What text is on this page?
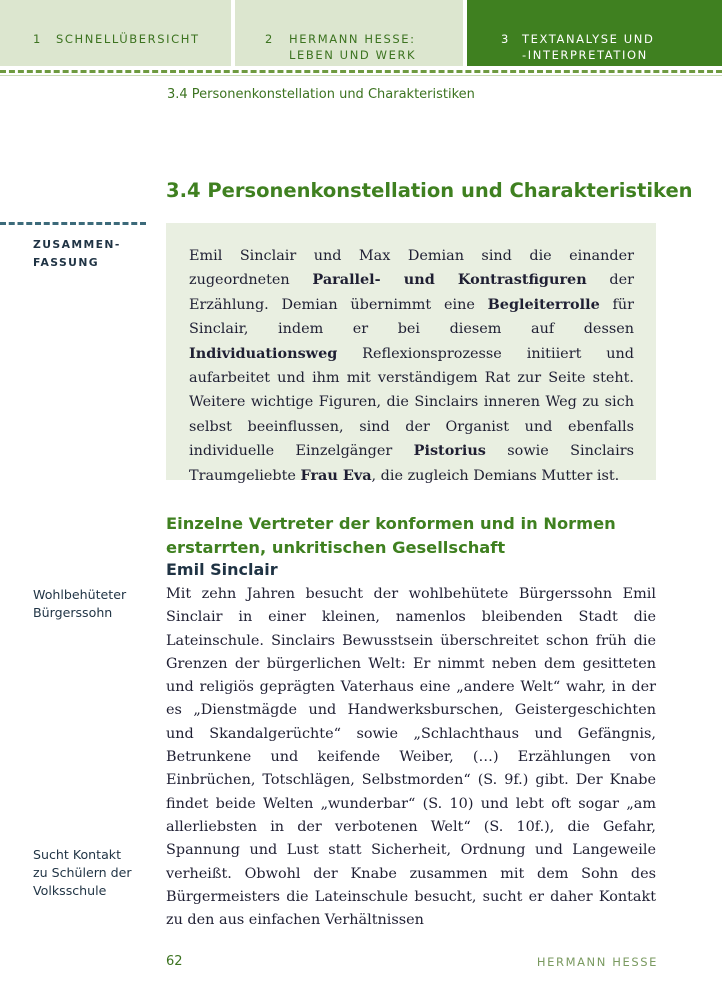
1 SCHNELLÜBERSICHT	2 HERMANN HESSE:
LEBEN UND WERK
3 TEXTANALYSE UND
-INTERPRETATION
3.4 Personenkonstellation und Charakteristiken
3.4 Personenkonstellation und Charakteristiken
ZUSAMMEN-
FASSUNG	Emil Sinclair und Max Demian sind die einander zugeordneten Parallel- und Kontrastfiguren der Erzählung. Demian übernimmt eine Begleiterrolle für Sinclair, indem er bei diesem auf dessen Individuationsweg Reflexionsprozesse initiiert und aufarbeitet und ihm mit verständigem Rat zur Seite steht. Weitere wichtige Figuren, die Sinclairs inneren Weg zu sich selbst beeinflussen, sind der Organist und ebenfalls individuelle Einzelgänger Pistorius sowie Sinclairs Traumgeliebte Frau Eva, die zugleich Demians Mutter ist.
Einzelne Vertreter der konformen und in Normen erstarrten, unkritischen Gesellschaft
Emil Sinclair
Mit zehn Jahren besucht der wohlbehütete Bürgerssohn Emil Sinclair in einer kleinen, namenlos bleibenden Stadt die Lateinschule. Sinclairs Bewusstsein überschreitet schon früh die Grenzen der bürgerlichen Welt: Er nimmt neben dem gesitteten und religiös geprägten Vaterhaus eine „andere Welt“ wahr, in der es „Dienstmägde und Handwerksburschen, Geistergeschichten und Skandalgerüchte“ sowie „Schlachthaus und Gefängnis, Betrunkene und keifende Weiber, (…) Erzählungen von Einbrüchen, Totschlägen, Selbstmorden“ (S. 9f.) gibt. Der Knabe findet beide Welten „wunderbar“ (S. 10) und lebt oft sogar „am allerliebsten in der verbotenen Welt“ (S. 10f.), die Gefahr, Spannung und Lust statt Sicherheit, Ordnung und Langeweile verheißt. Obwohl der Knabe zusammen mit dem Sohn des Bürgermeisters die Lateinschule besucht, sucht er daher Kontakt zu den aus einfachen Verhältnissen
Wohlbehüteter
Bürgerssohn
Sucht Kontakt
zu Schülern der
Volksschule
62	HERMANN HESSE
